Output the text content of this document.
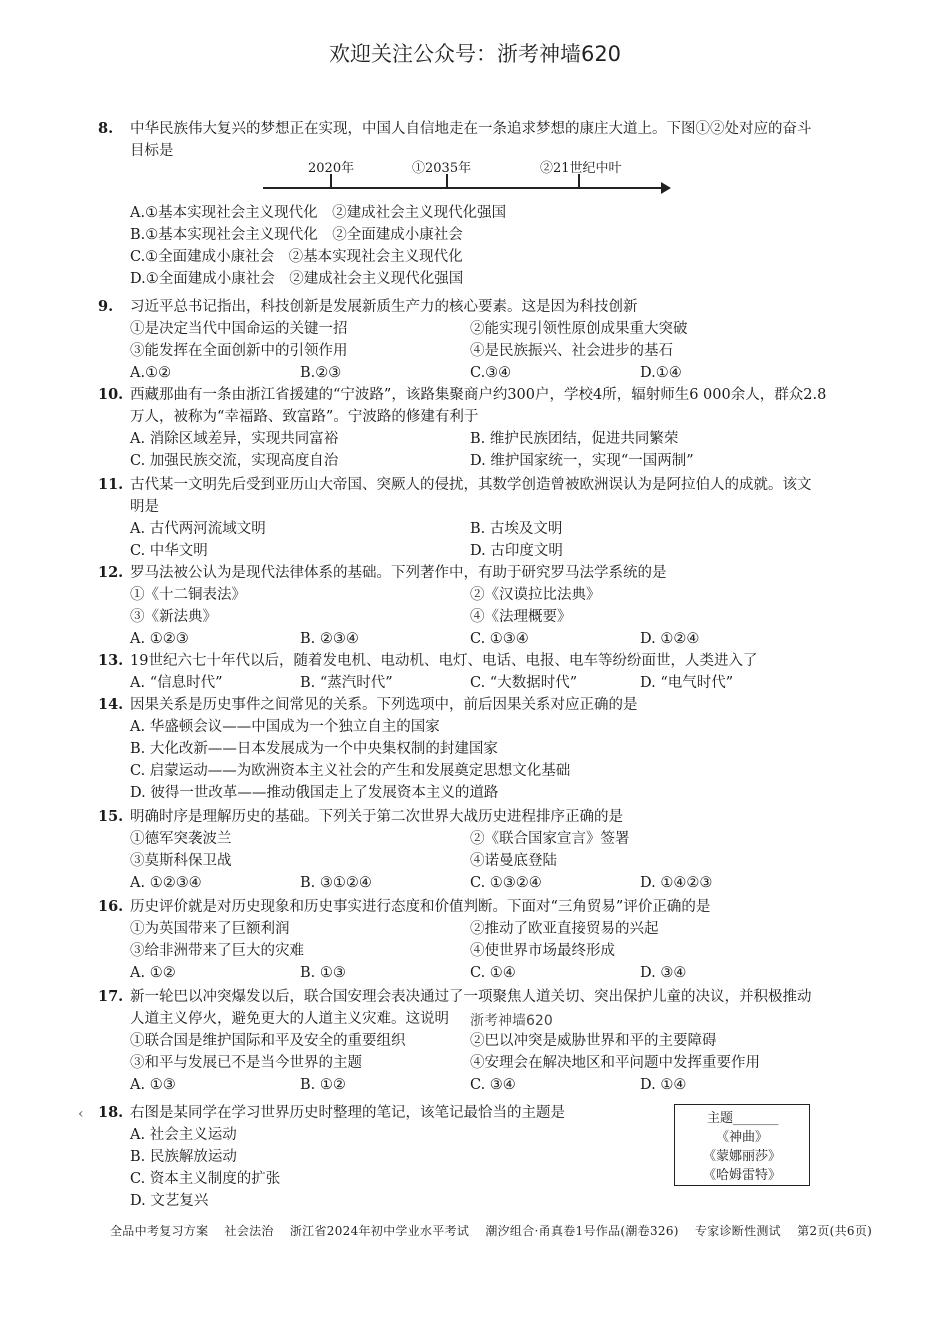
欢迎关注公众号：浙考神墙620
8. 中华民族伟大复兴的梦想正在实现，中国人自信地走在一条追求梦想的康庄大道上。下图①②处对应的奋斗
目标是
2020年	①2035年	②21世纪中叶
A.①基本实现社会主义现代化　②建成社会主义现代化强国
B.①基本实现社会主义现代化　②全面建成小康社会
C.①全面建成小康社会　②基本实现社会主义现代化
D.①全面建成小康社会　②建成社会主义现代化强国
9. 习近平总书记指出，科技创新是发展新质生产力的核心要素。这是因为科技创新
①是决定当代中国命运的关键一招	②能实现引领性原创成果重大突破
③能发挥在全面创新中的引领作用	④是民族振兴、社会进步的基石
A.①②	B.②③	C.③④	D.①④
10. 西藏那曲有一条由浙江省援建的“宁波路”，该路集聚商户约300户，学校4所，辐射师生6 000余人，群众2.8
万人，被称为“幸福路、致富路”。宁波路的修建有利于
A. 消除区域差异，实现共同富裕	B. 维护民族团结，促进共同繁荣
C. 加强民族交流，实现高度自治	D. 维护国家统一，实现“一国两制”
11. 古代某一文明先后受到亚历山大帝国、突厥人的侵扰，其数学创造曾被欧洲误认为是阿拉伯人的成就。该文
明是
A. 古代两河流域文明	B. 古埃及文明
C. 中华文明	D. 古印度文明
12. 罗马法被公认为是现代法律体系的基础。下列著作中，有助于研究罗马法学系统的是
①《十二铜表法》	②《汉谟拉比法典》
③《新法典》	④《法理概要》
A. ①②③	B. ②③④	C. ①③④	D. ①②④
13. 19世纪六七十年代以后，随着发电机、电动机、电灯、电话、电报、电车等纷纷面世，人类进入了
A. “信息时代”	B. “蒸汽时代”	C. “大数据时代”	D. “电气时代”
14. 因果关系是历史事件之间常见的关系。下列选项中，前后因果关系对应正确的是
A. 华盛顿会议——中国成为一个独立自主的国家
B. 大化改新——日本发展成为一个中央集权制的封建国家
C. 启蒙运动——为欧洲资本主义社会的产生和发展奠定思想文化基础
D. 彼得一世改革——推动俄国走上了发展资本主义的道路
15. 明确时序是理解历史的基础。下列关于第二次世界大战历史进程排序正确的是
①德军突袭波兰	②《联合国家宣言》签署
③莫斯科保卫战	④诺曼底登陆
A. ①②③④	B. ③①②④	C. ①③②④	D. ①④②③
16. 历史评价就是对历史现象和历史事实进行态度和价值判断。下面对“三角贸易”评价正确的是
①为英国带来了巨额利润	②推动了欧亚直接贸易的兴起
③给非洲带来了巨大的灾难	④使世界市场最终形成
A. ①②	B. ①③	C. ①④	D. ③④
17. 新一轮巴以冲突爆发以后，联合国安理会表决通过了一项聚焦人道关切、突出保护儿童的决议，并积极推动
人道主义停火，避免更大的人道主义灾难。这说明
①联合国是维护国际和平及安全的重要组织	②巴以冲突是威胁世界和平的主要障碍
③和平与发展已不是当今世界的主题	④安理会在解决地区和平问题中发挥重要作用
A. ①③	B. ①②	C. ③④	D. ①④
浙考神墙620
‹ 18. 右图是某同学在学习世界历史时整理的笔记，该笔记最恰当的主题是
A. 社会主义运动
B. 民族解放运动
C. 资本主义制度的扩张
D. 文艺复兴
主题_______
《神曲》
《蒙娜丽莎》
《哈姆雷特》
全品中考复习方案 社会法治 浙江省2024年初中学业水平考试 潮汐组合·甬真卷1号作品(潮卷326) 专家诊断性测试 第2页(共6页)
